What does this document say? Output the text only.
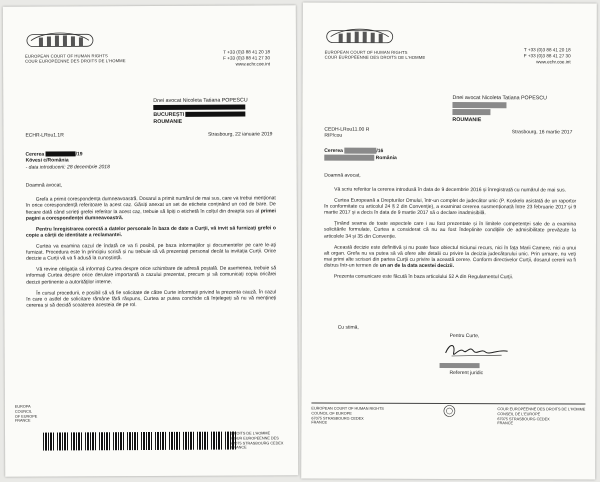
EUROPEAN COURT OF HUMAN RIGHTS
COUR EUROPÉENNE DES DROITS DE L'HOMME
T +33 (0)3 88 41 20 18
F +33 (0)3 88 41 27 30
www.echr.coe.int
Dnei avocat Nicoleta Tatiana POPESCU
BUCUREȘTI
ROUMANIE
ECHR-LRou1.1R	Strasbourg, 22 ianuarie 2019
Cererea	/19
Kövesi c/România
- data introducerii: 28 decembrie 2018
Doamnă avocat,

Grefa a primit corespondența dumneavoastră. Dosarul a primit numărul de mai sus, care va trebui menționat în orice corespondență referitoare la acest caz. Găsiți anexat un set de etichete conținând un cod de bare. De fiecare dată când scrieți grefei referitor la acest caz, trebuie să lipiți o etichetă în colțul din dreapta sus al primei pagini a corespondenței dumneavoastră.

Pentru înregistrarea corectă a datelor personale în baza de date a Curții, vă invit să furnizați grefei o copie a cărții de identitate a reclamantei.

Curtea va examina cazul de îndată ce va fi posibil, pe baza informațiilor și documentelor pe care le-ați furnizat. Procedura este în principiu scrisă și nu trebuie să vă prezentați personal decât la invitația Curții. Orice decizie a Curții vă va fi adusă la cunoștință.

Vă revine obligația să informați Curtea despre orice schimbare de adresă poștală. De asemenea, trebuie să informați Curtea despre orice derulare importantă a cazului prezentat, precum și să comunicați copia oricărei decizii pertinente a autorităților interne.

În cursul procedurii, e posibil să vă fie solicitate de către Curte informații privind la prezenta cauză. În cazul în care o astfel de solicitare rămâne fără răspuns, Curtea ar putea conchide că înțelegeți să nu vă mențineți cererea și să decidă scoaterea acesteia de pe rol.

EUROPA
COUNCIL
OF EUROPE
FRANCE
DROITS DE L'HOMME
COUR EUROPÉENNE DES
67075 STRASBOURG CEDEX
FRANCE
EUROPEAN COURT OF HUMAN RIGHTS
COUR EUROPÉENNE DES DROITS DE L'HOMME
T +33 (0)3 88 41 20 18
F +33 (0)3 88 41 27 30
www.echr.coe.int
Dnei avocat Nicoleta Tatiana POPESCU
ROUMANIE
CEDH-LRou11.00 R
RIP/cou
Strasbourg, 16 martie 2017
Cererea	/16
România
Doamnă avocat,

Vă scriu referitor la cererea introdusă în data de 9 decembrie 2016 și înregistrată cu numărul de mai sus.

Curtea Europeană a Drepturilor Omului, într-un complet de judecător unic (P. Koskelo asistată de un raportor în conformitate cu articolul 24 § 2 din Convenție), a examinat cererea susmenționată între 23 februarie 2017 și 9 martie 2017 și a decis în data de 9 martie 2017 să o declare inadmisibilă.

Ținând seama de toate aspectele care i au fost prezentate și în limitele competenței sale de a examina solicitările formulate, Curtea a considerat că nu au fost îndeplinite condițiile de admisibilitate prevăzute la articolele 34 și 35 din Convenție.

Această decizie este definitivă și nu poate face obiectul niciunui recurs, nici în fața Marii Camere, nici a unui alt organ. Grefa nu va putea să vă ofere alte detalii cu privire la decizia judecătorului unic. Prin urmare, nu veți mai primi alte scrisori din partea Curții cu privire la această cerere. Conform directivelor Curții, dosarul cererii va fi distrus într-un termen de un an de la data acestei decizii.

Prezenta comunicare este făcută în baza articolului 52 A din Regulamentul Curții.

Cu stimă,
Pentru Curte,
Referent juridic
EUROPEAN COURT OF HUMAN RIGHTS
COUNCIL OF EUROPE
67075 STRASBOURG CEDEX
FRANCE
COUR EUROPÉENNE DES DROITS DE L'HOMME
CONSEIL DE L'EUROPE
67075 STRASBOURG CEDEX
FRANCE
